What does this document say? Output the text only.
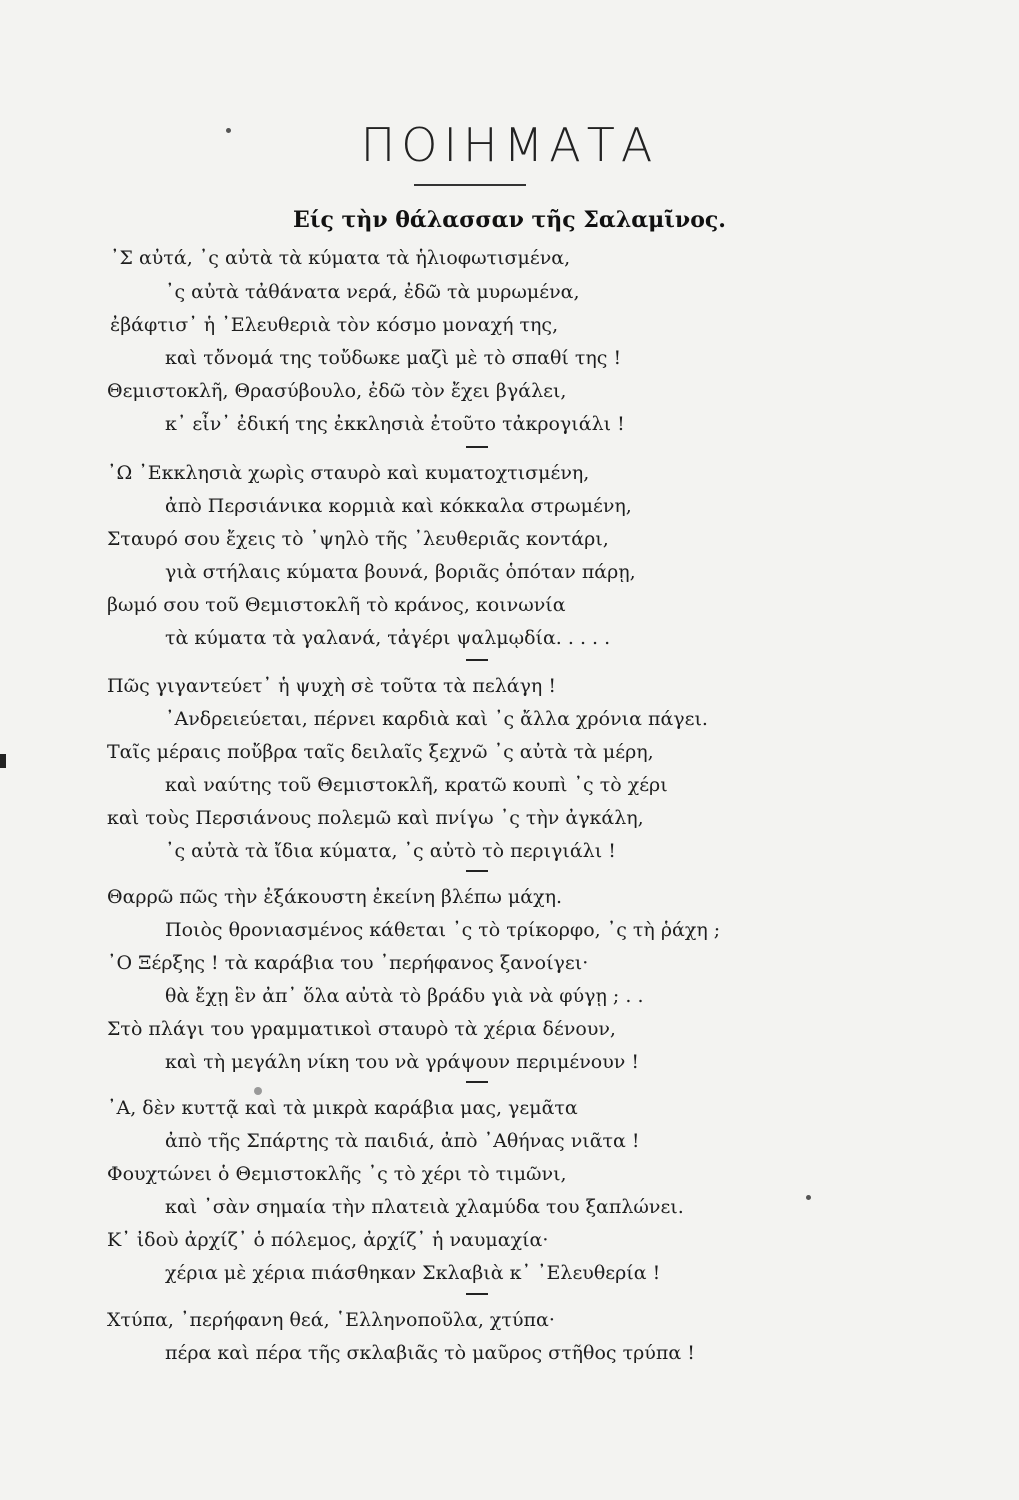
ΠΟΙΗΜΑΤΑ
Είς τὴν θάλασσαν τῆς Σαλαμῖνος.
᾿Σ αὐτά, ᾿ς αὐτὰ τὰ κύματα τὰ ἡλιοφωτισμένα,
᾿ς αὐτὰ τἀθάνατα νερά, ἐδῶ τὰ μυρωμένα,
ἐβάφτισ᾿ ἡ ᾿Ελευθεριὰ τὸν κόσμο μοναχή της,
καὶ τὄνομά της τοὔδωκε μαζὶ μὲ τὸ σπαθί της !
Θεμιστοκλῆ, Θρασύβουλο, ἐδῶ τὸν ἔχει βγάλει,
κ᾿ εἶν᾿ ἐδική της ἐκκλησιὰ ἐτοῦτο τἀκρογιάλι !
᾿Ω ᾿Εκκλησιὰ χωρὶς σταυρὸ καὶ κυματοχτισμένη,
ἀπὸ Περσιάνικα κορμιὰ καὶ κόκκαλα στρωμένη,
Σταυρό σου ἔχεις τὸ ᾿ψηλὸ τῆς ᾿λευθεριᾶς κοντάρι,
γιὰ στήλαις κύματα βουνά, βοριᾶς ὁπόταν πάρῃ,
βωμό σου τοῦ Θεμιστοκλῆ τὸ κράνος, κοινωνία
τὰ κύματα τὰ γαλανά, τἀγέρι ψαλμῳδία. . . . .
Πῶς γιγαντεύετ᾿ ἡ ψυχὴ σὲ τοῦτα τὰ πελάγη !
᾿Ανδρειεύεται, πέρνει καρδιὰ καὶ ᾿ς ἄλλα χρόνια πάγει.
Ταῖς μέραις ποὔβρα ταῖς δειλαῖς ξεχνῶ ᾿ς αὐτὰ τὰ μέρη,
καὶ ναύτης τοῦ Θεμιστοκλῆ, κρατῶ κουπὶ ᾿ς τὸ χέρι
καὶ τοὺς Περσιάνους πολεμῶ καὶ πνίγω ᾿ς τὴν ἀγκάλη,
᾿ς αὐτὰ τὰ ἴδια κύματα, ᾿ς αὐτὸ τὸ περιγιάλι !
Θαρρῶ πῶς τὴν ἐξάκουστη ἐκείνη βλέπω μάχη.
Ποιὸς θρονιασμένος κάθεται ᾿ς τὸ τρίκορφο, ᾿ς τὴ ῥάχη ;
᾿Ο Ξέρξης ! τὰ καράβια του ᾿περήφανος ξανοίγει·
θὰ ἔχῃ ἓν ἀπ᾿ ὅλα αὐτὰ τὸ βράδυ γιὰ νὰ φύγῃ ; . .
Στὸ πλάγι του γραμματικοὶ σταυρὸ τὰ χέρια δένουν,
καὶ τὴ μεγάλη νίκη του νὰ γράψουν περιμένουν !
᾿Α, δὲν κυττᾷ καὶ τὰ μικρὰ καράβια μας, γεμᾶτα
ἀπὸ τῆς Σπάρτης τὰ παιδιά, ἀπὸ ᾿Αθήνας νιᾶτα !
Φουχτώνει ὁ Θεμιστοκλῆς ᾿ς τὸ χέρι τὸ τιμῶνι,
καὶ ᾿σὰν σημαία τὴν πλατειὰ χλαμύδα του ξαπλώνει.
Κ᾿ ἰδοὺ ἀρχίζ᾿ ὁ πόλεμος, ἀρχίζ᾿ ἡ ναυμαχία·
χέρια μὲ χέρια πιάσθηκαν Σκλαβιὰ κ᾿ ᾿Ελευθερία !
Χτύπα, ᾿περήφανη θεά, ῾Ελληνοποῦλα, χτύπα·
πέρα καὶ πέρα τῆς σκλαβιᾶς τὸ μαῦρος στῆθος τρύπα !
